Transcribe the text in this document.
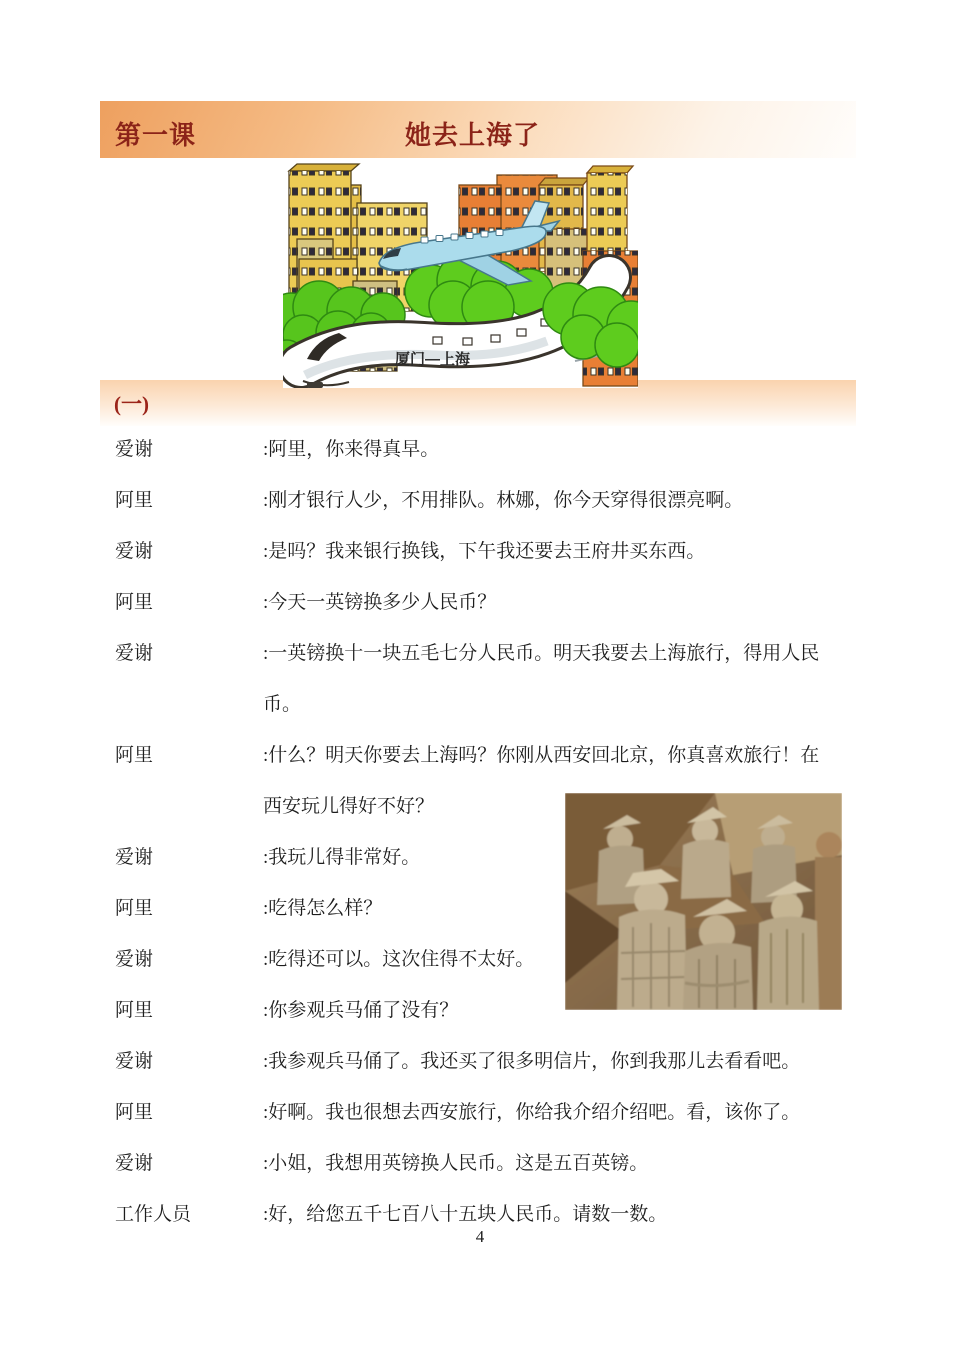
第一课	她去上海了
厦门—上海
(一)
爱谢	:阿里，你来得真早。

阿里	:刚才银行人少，不用排队。林娜，你今天穿得很漂亮啊。

爱谢	:是吗？我来银行换钱，下午我还要去王府井买东西。

阿里	:今天一英镑换多少人民币？

爱谢	:一英镑换十一块五毛七分人民币。明天我要去上海旅行，得用人民币。

阿里	:什么？明天你要去上海吗？你刚从西安回北京，你真喜欢旅行！在西安玩儿得好不好？

爱谢	:我玩儿得非常好。

阿里	:吃得怎么样？

爱谢	:吃得还可以。这次住得不太好。

阿里	:你参观兵马俑了没有？

爱谢	:我参观兵马俑了。我还买了很多明信片，你到我那儿去看看吧。

阿里	:好啊。我也很想去西安旅行，你给我介绍介绍吧。看，该你了。

爱谢	:小姐，我想用英镑换人民币。这是五百英镑。

工作人员	:好，给您五千七百八十五块人民币。请数一数。

4
